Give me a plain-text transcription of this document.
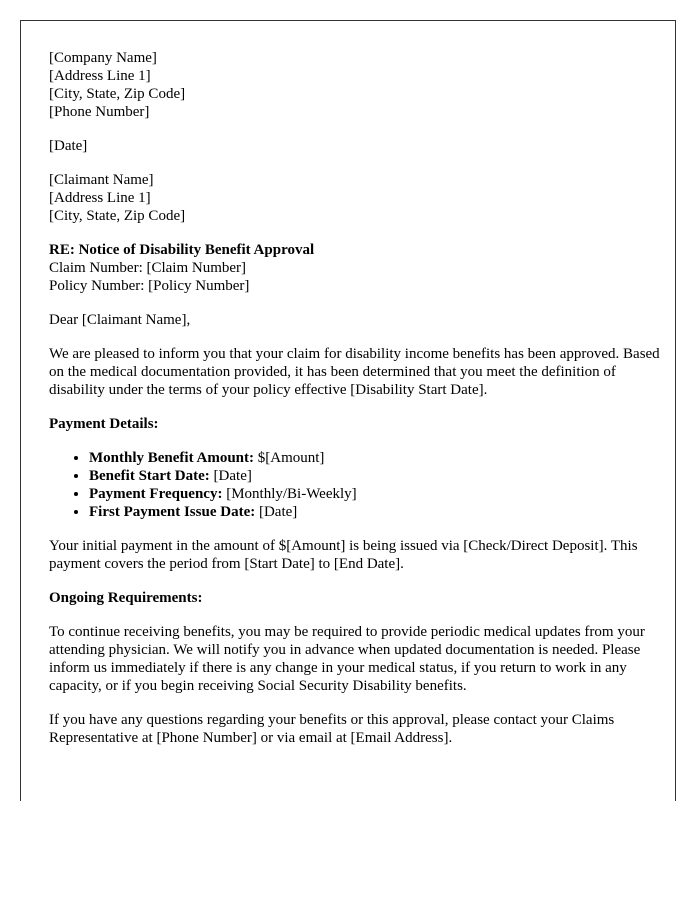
[Company Name]
[Address Line 1]
[City, State, Zip Code]
[Phone Number]

[Date]

[Claimant Name]
[Address Line 1]
[City, State, Zip Code]

RE: Notice of Disability Benefit Approval
Claim Number: [Claim Number]
Policy Number: [Policy Number]

Dear [Claimant Name],

We are pleased to inform you that your claim for disability income benefits has been approved. Based on the medical documentation provided, it has been determined that you meet the definition of disability under the terms of your policy effective [Disability Start Date].

Payment Details:

• Monthly Benefit Amount: $[Amount]
• Benefit Start Date: [Date]
• Payment Frequency: [Monthly/Bi-Weekly]
• First Payment Issue Date: [Date]

Your initial payment in the amount of $[Amount] is being issued via [Check/Direct Deposit]. This payment covers the period from [Start Date] to [End Date].

Ongoing Requirements:

To continue receiving benefits, you may be required to provide periodic medical updates from your attending physician. We will notify you in advance when updated documentation is needed. Please inform us immediately if there is any change in your medical status, if you return to work in any capacity, or if you begin receiving Social Security Disability benefits.

If you have any questions regarding your benefits or this approval, please contact your Claims Representative at [Phone Number] or via email at [Email Address].
